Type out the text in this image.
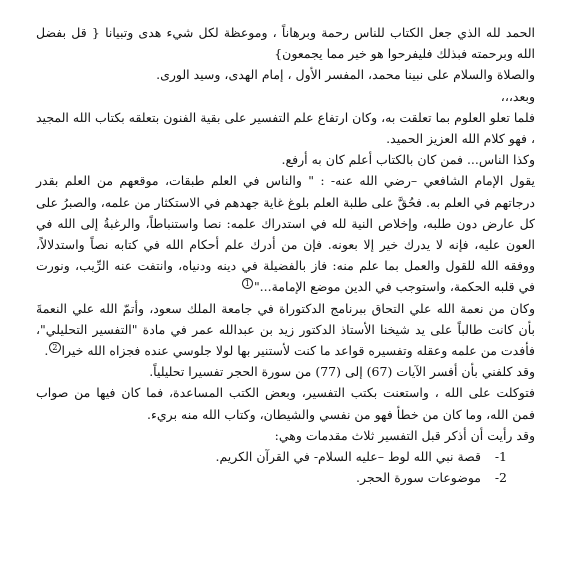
الحمد لله الذي جعل الكتاب للناس رحمة وبرهاناً ، وموعظة لكل شيء هدى وتبيانا { قل بفضل الله وبرحمته فبذلك فليفرحوا هو خير مما يجمعون}

والصلاة والسلام على نبينا محمد، المفسر الأول ، إمام الهدى، وسيد الورى.

وبعد،،،

فلما تعلو العلوم بما تعلقت به، وكان ارتفاع علم التفسير على بقية الفنون بتعلقه بكتاب الله المجيد ، فهو كلام الله العزيز الحميد.

وكذا الناس... فمن كان بالكتاب أعلم كان به أرفع.

يقول الإمام الشافعي –رضي الله عنه- : " والناس في العلم طبقات، موقعهم من العلم بقدر درجاتهم في العلم به. فحُقَّ على طلبة العلم بلوغ غاية جهدهم في الاستكثار من علمه، والصبرُ على كل عارض دون طلبه، وإخلاص النية لله في استدراك علمه: نصا واستنباطاً، والرغبةُ إلى الله في العون عليه، فإنه لا يدرك خير إلا بعونه. فإن من أدرك علم أحكام الله في كتابه نصاً واستدلالاً، ووفقه الله للقول والعمل بما علم منه: فاز بالفضيلة في دينه ودنياه، وانتفت عنه الرِّيب، ونورت في قلبه الحكمة، واستوجب في الدين موضع الإمامة..."1

وكان من نعمة الله علي التحاق ببرنامج الدكتوراة في جامعة الملك سعود، وأتمّ الله علي النعمةَ بأن كانت طالباً على يد شيخنا الأستاذ الدكتور زيد بن عبدالله عمر في مادة "التفسير التحليلي"، فأفدت من علمه وعقله وتفسيره قواعد ما كنت لأستنير بها لولا جلوسي عنده فجزاه الله خيرا2.

وقد كلفني بأن أفسر الآيات (67) إلى (77) من سورة الحجر تفسيرا تحليلياً.

فتوكلت على الله ، واستعنت بكتب التفسير، وبعض الكتب المساعدة، فما كان فيها من صواب فمن الله، وما كان من خطأ فهو من نفسي والشيطان، وكتاب الله منه بريء.

وقد رأيت أن أذكر قبل التفسير ثلاث مقدمات وهي:

1-
قصة نبي الله لوط –عليه السلام- في القرآن الكريم.
2-
موضوعات سورة الحجر.
